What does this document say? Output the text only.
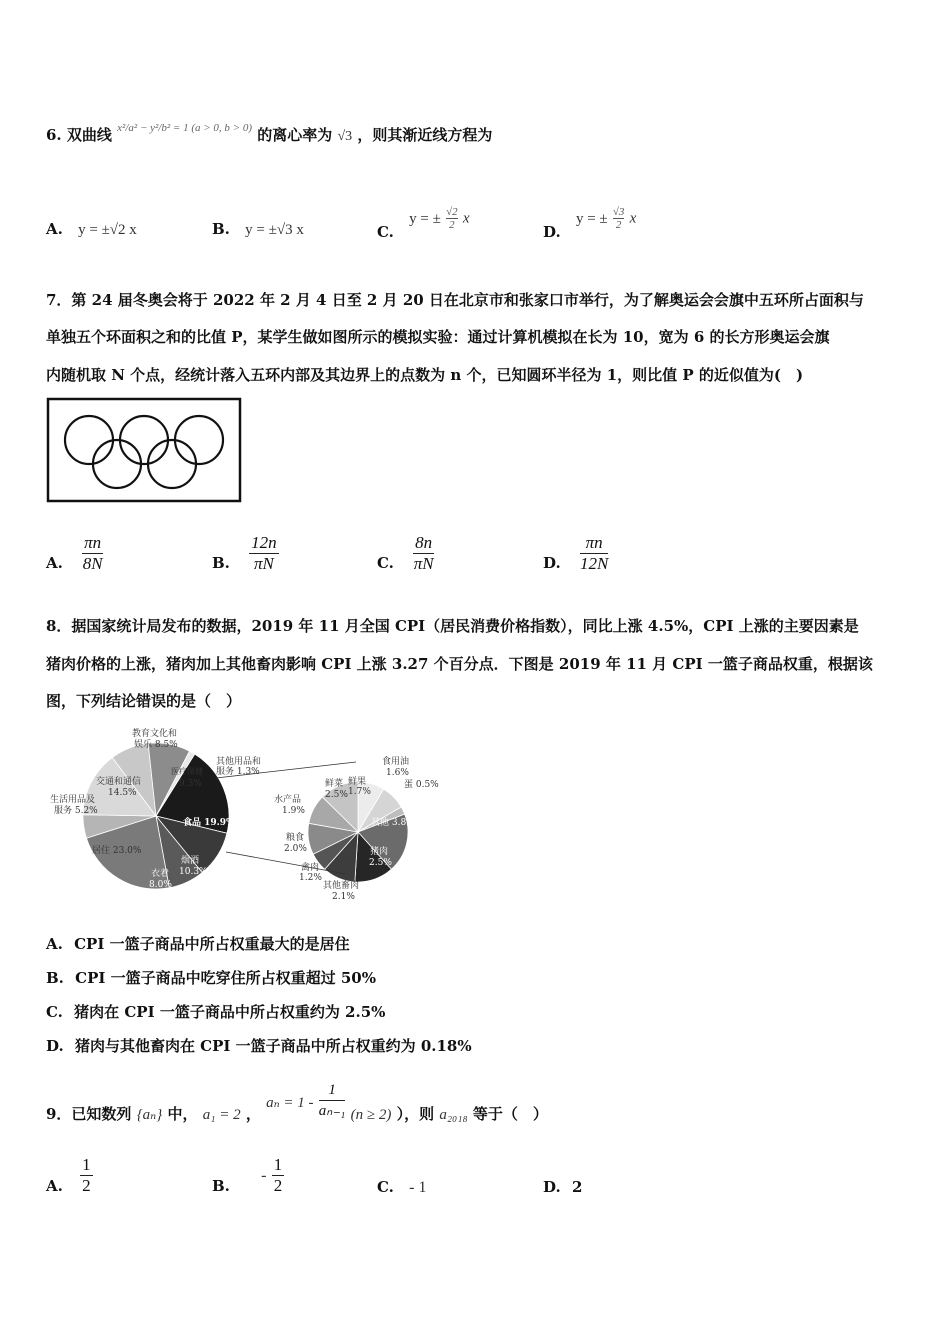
6. 双曲线 $^{x^2/a^2 - y^2/b^2 = 1 (a > 0, b > 0)}$ 的离心率为 √3 ，则其渐近线方程为
A. y = ±√2 x	B. y = ±√3 x	C. y = ± $\frac{√2}{2}$ x
D. y = ± $\frac{√3}{2}$ x
7．第 24 届冬奥会将于 2022 年 2 月 4 日至 2 月 20 日在北京市和张家口市举行，为了解奥运会会旗中五环所占面积与
单独五个环面积之和的比值 P，某学生做如图所示的模拟实验：通过计算机模拟在长为 10，宽为 6 的长方形奥运会旗
内随机取 N 个点，经统计落入五环内部及其边界上的点数为 n 个，已知圆环半径为 1，则比值 P 的近似值为(　)
A. $\frac{\pi n}{8N}$	B. $\frac{12n}{\pi N}$	C. $\frac{8n}{\pi N}$	D. $\frac{\pi n}{12N}$
8．据国家统计局发布的数据，2019 年 11 月全国 CPI（居民消费价格指数），同比上涨 4.5%，CPI 上涨的主要因素是
猪肉价格的上涨，猪肉加上其他畜肉影响 CPI 上涨 3.27 个百分点．下图是 2019 年 11 月 CPI 一篮子商品权重，根据该
图，下列结论错误的是（　）
食品 19.9%
烟酒
10.3%
衣着
8.0%
居住 23.0%
生活用品及
服务 5.2%
交通和通信
14.5%
教育文化和
娱乐 8.5%
医疗保健
9.3%
其他用品和
服务 1.3%
鲜果
1.7%
食用油
1.6%
蛋 0.5%
其他 3.8%
猪肉
2.5%
其他畜肉
2.1%
禽肉
1.2%
粮食
2.0%
水产品
1.9%
鲜菜
2.5%
A. CPI 一篮子商品中所占权重最大的是居住
B. CPI 一篮子商品中吃穿住所占权重超过 50%
C. 猪肉在 CPI 一篮子商品中所占权重约为 2.5%
D. 猪肉与其他畜肉在 CPI 一篮子商品中所占权重约为 0.18%
9．已知数列 {aₙ} 中， a₁ = 2 ， $a_n = 1 - \frac{1}{\text{aₙ₋₁}} (n \ge 2)$ ），则 a₂₀₁₈ 等于（　）
A. $\frac{1}{2}$	B. - $\frac{1}{2}$	C. - 1	D. 2
